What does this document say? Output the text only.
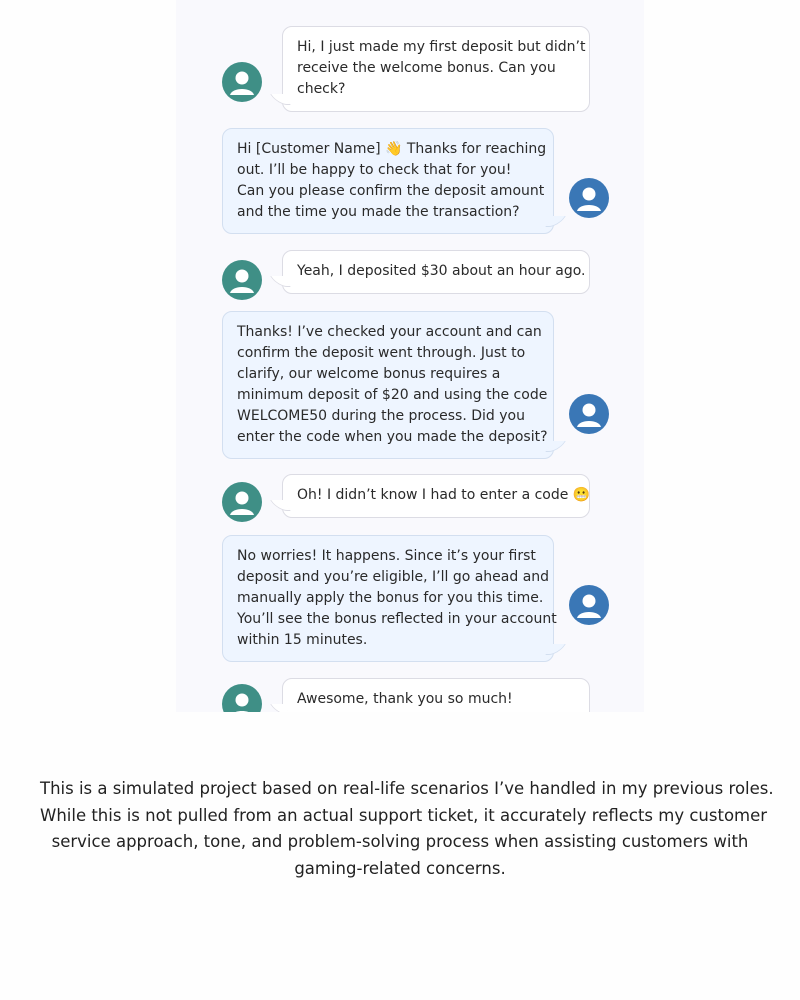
Hi, I just made my first deposit but didn’t
receive the welcome bonus. Can you
check?
Hi [Customer Name] 👋 Thanks for reaching
out. I’ll be happy to check that for you!
Can you please confirm the deposit amount
and the time you made the transaction?
Yeah, I deposited $30 about an hour ago.
Thanks! I’ve checked your account and can
confirm the deposit went through. Just to
clarify, our welcome bonus requires a
minimum deposit of $20 and using the code
WELCOME50 during the process. Did you
enter the code when you made the deposit?
Oh! I didn’t know I had to enter a code 😬
No worries! It happens. Since it’s your first
deposit and you’re eligible, I’ll go ahead and
manually apply the bonus for you this time.
You’ll see the bonus reflected in your account
within 15 minutes.
Awesome, thank you so much!
This is a simulated project based on real-life scenarios I’ve handled in my previous roles.
While this is not pulled from an actual support ticket, it accurately reflects my customer
service approach, tone, and problem-solving process when assisting customers with
gaming-related concerns.
